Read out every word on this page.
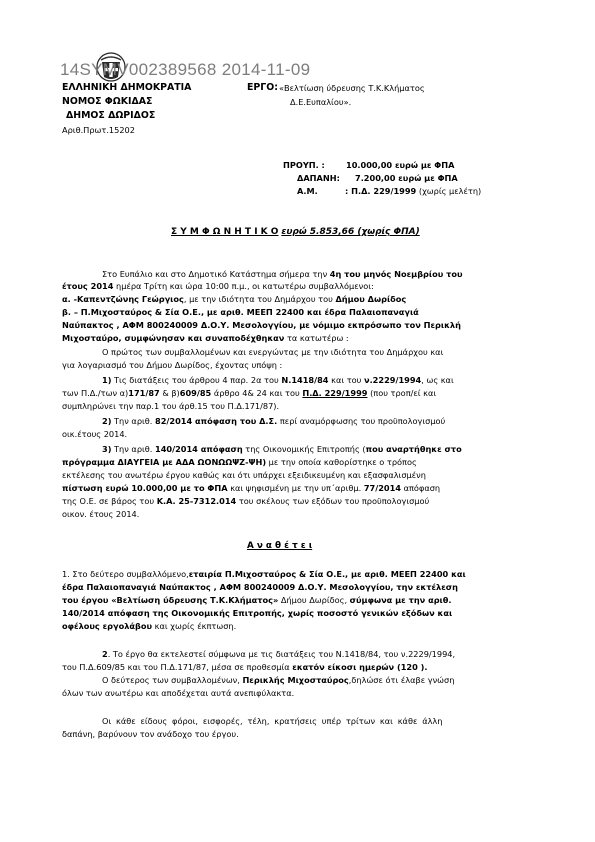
14SYMV002389568 2014-11-09
ΕΛΛΗΝΙΚΗ ΔΗΜΟΚΡΑΤΙΑ
ΝΟΜΟΣ ΦΩΚΙΔΑΣ
ΔΗΜΟΣ ΔΩΡΙΔΟΣ
Αριθ.Πρωτ.15202
ΕΡΓΟ: «Βελτίωση ύδρευσης Τ.Κ.Κλήματος
Δ.Ε.Ευπαλίου».
ΠΡΟΥΠ. :	10.000,00 ευρώ με ΦΠΑ
ΔΑΠΑΝΗ: 7.200,00 ευρώ με ΦΠΑ
Α.Μ.	: Π.Δ. 229/1999 (χωρίς μελέτη)
Σ Υ Μ Φ Ω Ν Η Τ Ι Κ Ο ευρώ 5.853,66 (χωρίς ΦΠΑ)
Στο Ευπάλιο και στο Δημοτικό Κατάστημα σήμερα την 4η του μηνός Νοεμβρίου του
έτους 2014 ημέρα Τρίτη και ώρα 10:00 π.μ., οι κατωτέρω συμβαλλόμενοι:
α. -Καπεντζώνης Γεώργιος, με την ιδιότητα του Δημάρχου του Δήμου Δωρίδος
β. – Π.Μιχοσταύρος & Σία Ο.Ε., με αριθ. ΜΕΕΠ 22400 και έδρα Παλαιοπαναγιά
Ναύπακτος , ΑΦΜ 800240009 Δ.Ο.Υ. Μεσολογγίου, με νόμιμο εκπρόσωπο τον Περικλή
Μιχοσταύρο, συμφώνησαν και συναποδέχθηκαν τα κατωτέρω :
Ο πρώτος των συμβαλλομένων και ενεργώντας με την ιδιότητα του Δημάρχου και
για λογαριασμό του Δήμου Δωρίδος, έχοντας υπόψη :
1) Τις διατάξεις του άρθρου 4 παρ. 2α του Ν.1418/84 και του ν.2229/1994, ως και
των Π.Δ./των α)171/87 & β)609/85 άρθρο 4& 24 και του Π.Δ. 229/1999 (που τροπ/εί και
συμπληρώνει την παρ.1 του άρθ.15 του Π.Δ.171/87).
2) Την αριθ. 82/2014 απόφαση του Δ.Σ. περί αναμόρφωσης του προϋπολογισμού
οικ.έτους 2014.
3) Την αριθ. 140/2014 απόφαση της Οικονομικής Επιτροπής (που αναρτήθηκε στο
πρόγραμμα ΔΙΑΥΓΕΙΑ με ΑΔΑ ΩΟΝΩΩΨΖ-ΨΗ) με την οποία καθορίστηκε ο τρόπος
εκτέλεσης του ανωτέρω έργου καθώς και ότι υπάρχει εξειδικευμένη και εξασφαλισμένη
πίστωση ευρώ 10.000,00 με το ΦΠΑ και ψηφισμένη με την υπ΄αριθμ. 77/2014 απόφαση
της Ο.Ε. σε βάρος του Κ.Α. 25-7312.014 του σκέλους των εξόδων του προϋπολογισμού
οικον. έτους 2014.
Α ν α θ έ τ ε ι
1. Στο δεύτερο συμβαλλόμενο,εταιρία Π.Μιχοσταύρος & Σία Ο.Ε., με αριθ. ΜΕΕΠ 22400 και
έδρα Παλαιοπαναγιά Ναύπακτος , ΑΦΜ 800240009 Δ.Ο.Υ. Μεσολογγίου, την εκτέλεση
του έργου «Βελτίωση ύδρευσης Τ.Κ.Κλήματος» Δήμου Δωρίδος, σύμφωνα με την αριθ.
140/2014 απόφαση της Οικονομικής Επιτροπής, χωρίς ποσοστό γενικών εξόδων και
οφέλους εργολάβου και χωρίς έκπτωση.
2. Το έργο θα εκτελεστεί σύμφωνα με τις διατάξεις του Ν.1418/84, του ν.2229/1994,
του Π.Δ.609/85 και του Π.Δ.171/87, μέσα σε προθεσμία εκατόν είκοσι ημερών (120 ).
Ο δεύτερος των συμβαλλομένων, Περικλής Μιχοσταύρος,δηλώσε ότι έλαβε γνώση
όλων των ανωτέρω και αποδέχεται αυτά ανεπιφύλακτα.
Οι κάθε είδους φόροι, εισφορές, τέλη, κρατήσεις υπέρ τρίτων και κάθε άλλη
δαπάνη, βαρύνουν τον ανάδοχο του έργου.
